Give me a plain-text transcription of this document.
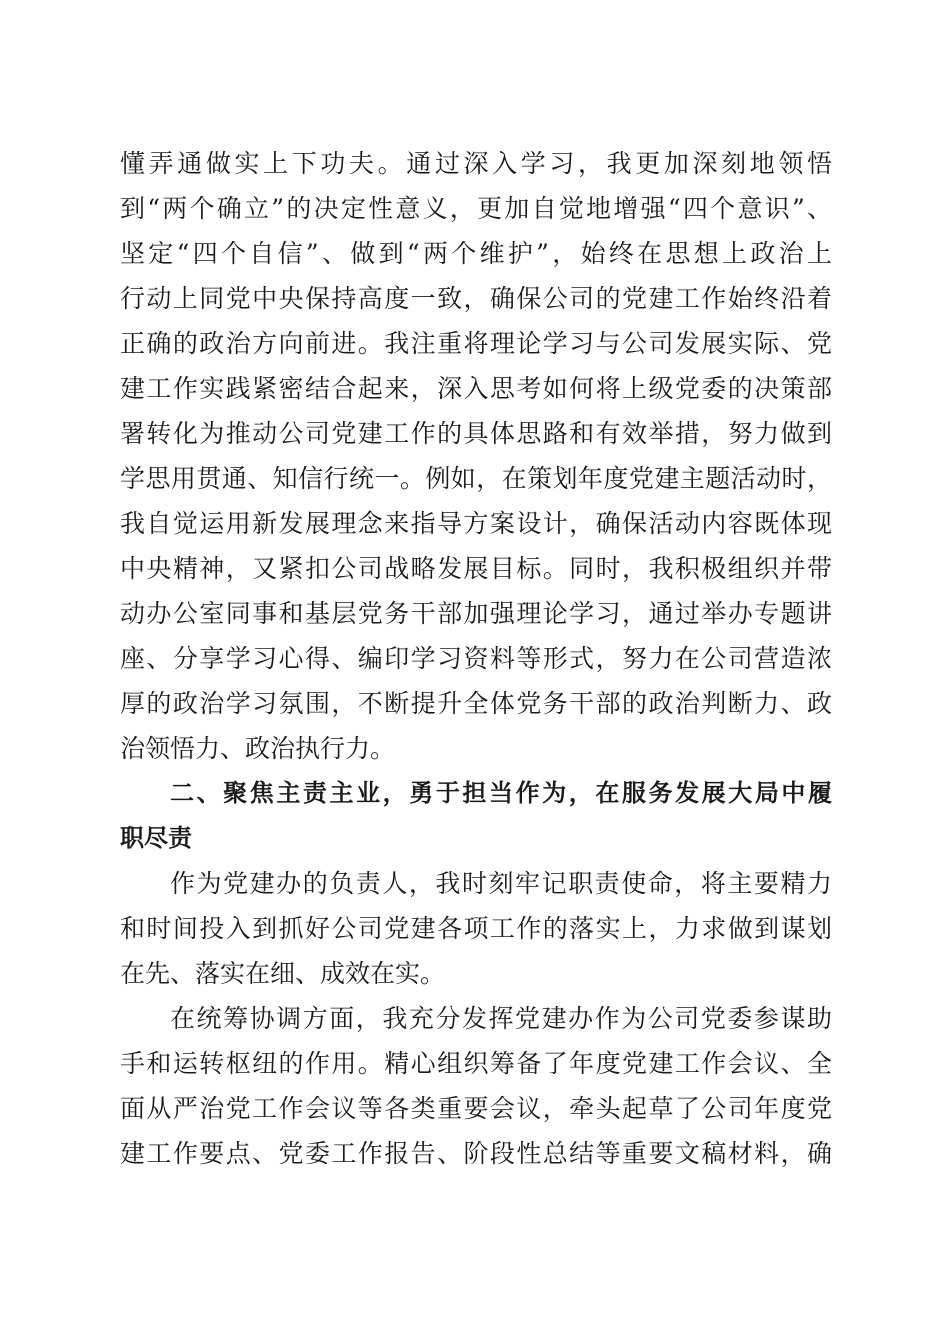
懂弄通做实上下功夫。通过深入学习，我更加深刻地领悟
到“两个确立”的决定性意义，更加自觉地增强“四个意识”、
坚定“四个自信”、做到“两个维护”，始终在思想上政治上
行动上同党中央保持高度一致，确保公司的党建工作始终沿着
正确的政治方向前进。我注重将理论学习与公司发展实际、党
建工作实践紧密结合起来，深入思考如何将上级党委的决策部
署转化为推动公司党建工作的具体思路和有效举措，努力做到
学思用贯通、知信行统一。例如，在策划年度党建主题活动时，
我自觉运用新发展理念来指导方案设计，确保活动内容既体现
中央精神，又紧扣公司战略发展目标。同时，我积极组织并带
动办公室同事和基层党务干部加强理论学习，通过举办专题讲
座、分享学习心得、编印学习资料等形式，努力在公司营造浓
厚的政治学习氛围，不断提升全体党务干部的政治判断力、政
治领悟力、政治执行力。
二、聚焦主责主业，勇于担当作为，在服务发展大局中履
职尽责
作为党建办的负责人，我时刻牢记职责使命，将主要精力
和时间投入到抓好公司党建各项工作的落实上，力求做到谋划
在先、落实在细、成效在实。
在统筹协调方面，我充分发挥党建办作为公司党委参谋助
手和运转枢纽的作用。精心组织筹备了年度党建工作会议、全
面从严治党工作会议等各类重要会议，牵头起草了公司年度党
建工作要点、党委工作报告、阶段性总结等重要文稿材料，确
